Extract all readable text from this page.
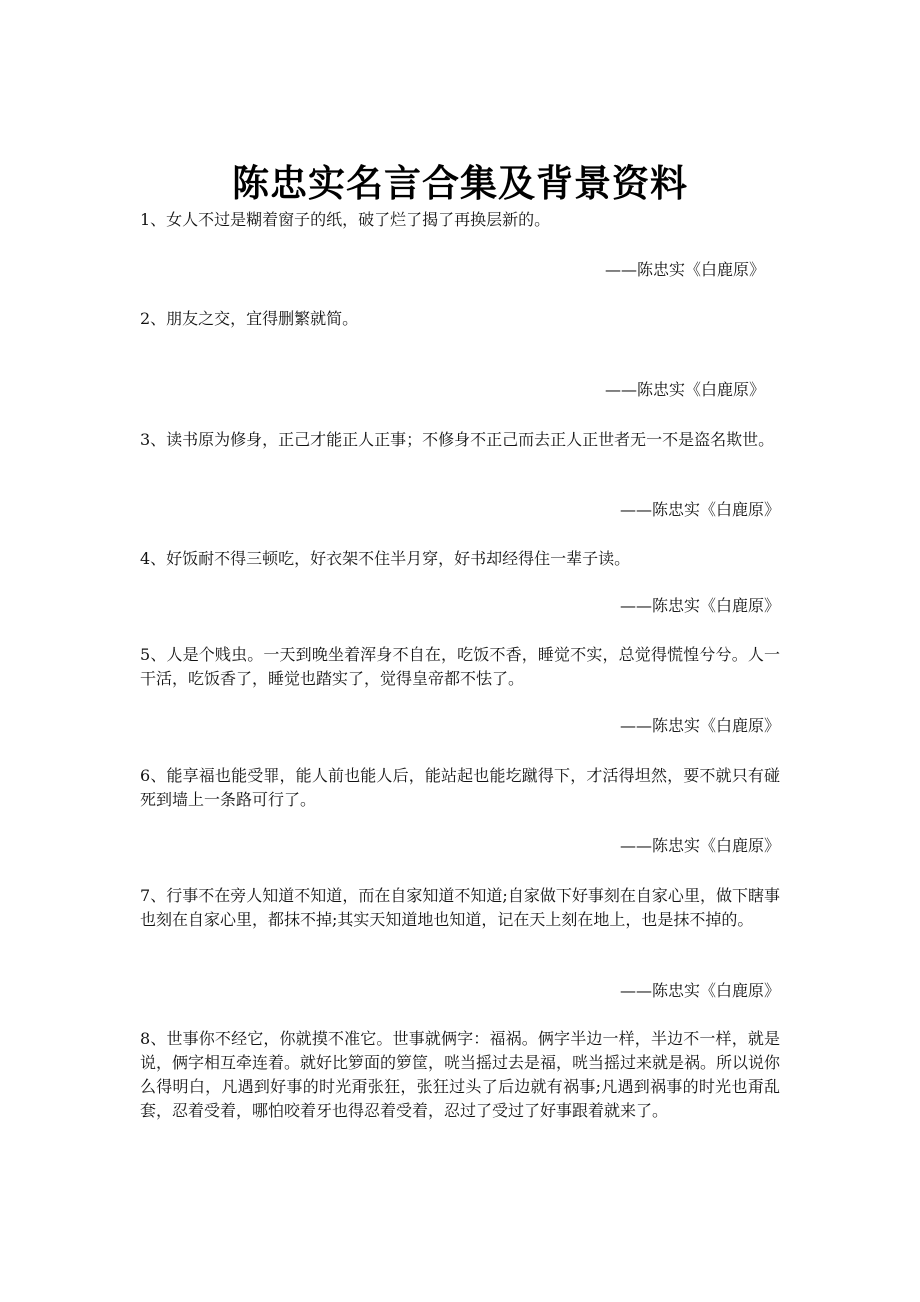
陈忠实名言合集及背景资料

1、女人不过是糊着窗子的纸，破了烂了揭了再换层新的。

——陈忠实《白鹿原》

2、朋友之交，宜得删繁就简。

——陈忠实《白鹿原》

3、读书原为修身，正己才能正人正事；不修身不正己而去正人正世者无一不是盗名欺世。

——陈忠实《白鹿原》

4、好饭耐不得三顿吃，好衣架不住半月穿，好书却经得住一辈子读。

——陈忠实《白鹿原》

5、人是个贱虫。一天到晚坐着浑身不自在，吃饭不香，睡觉不实，总觉得慌惶兮兮。人一干活，吃饭香了，睡觉也踏实了，觉得皇帝都不怯了。

——陈忠实《白鹿原》

6、能享福也能受罪，能人前也能人后，能站起也能圪蹴得下，才活得坦然，要不就只有碰死到墙上一条路可行了。

——陈忠实《白鹿原》

7、行事不在旁人知道不知道，而在自家知道不知道;自家做下好事刻在自家心里，做下瞎事也刻在自家心里，都抹不掉;其实天知道地也知道，记在天上刻在地上，也是抹不掉的。

——陈忠实《白鹿原》

8、世事你不经它，你就摸不准它。世事就俩字：福祸。俩字半边一样，半边不一样，就是说，俩字相互牵连着。就好比箩面的箩筐，咣当摇过去是福，咣当摇过来就是祸。所以说你么得明白，凡遇到好事的时光甭张狂，张狂过头了后边就有祸事;凡遇到祸事的时光也甭乱套，忍着受着，哪怕咬着牙也得忍着受着，忍过了受过了好事跟着就来了。
